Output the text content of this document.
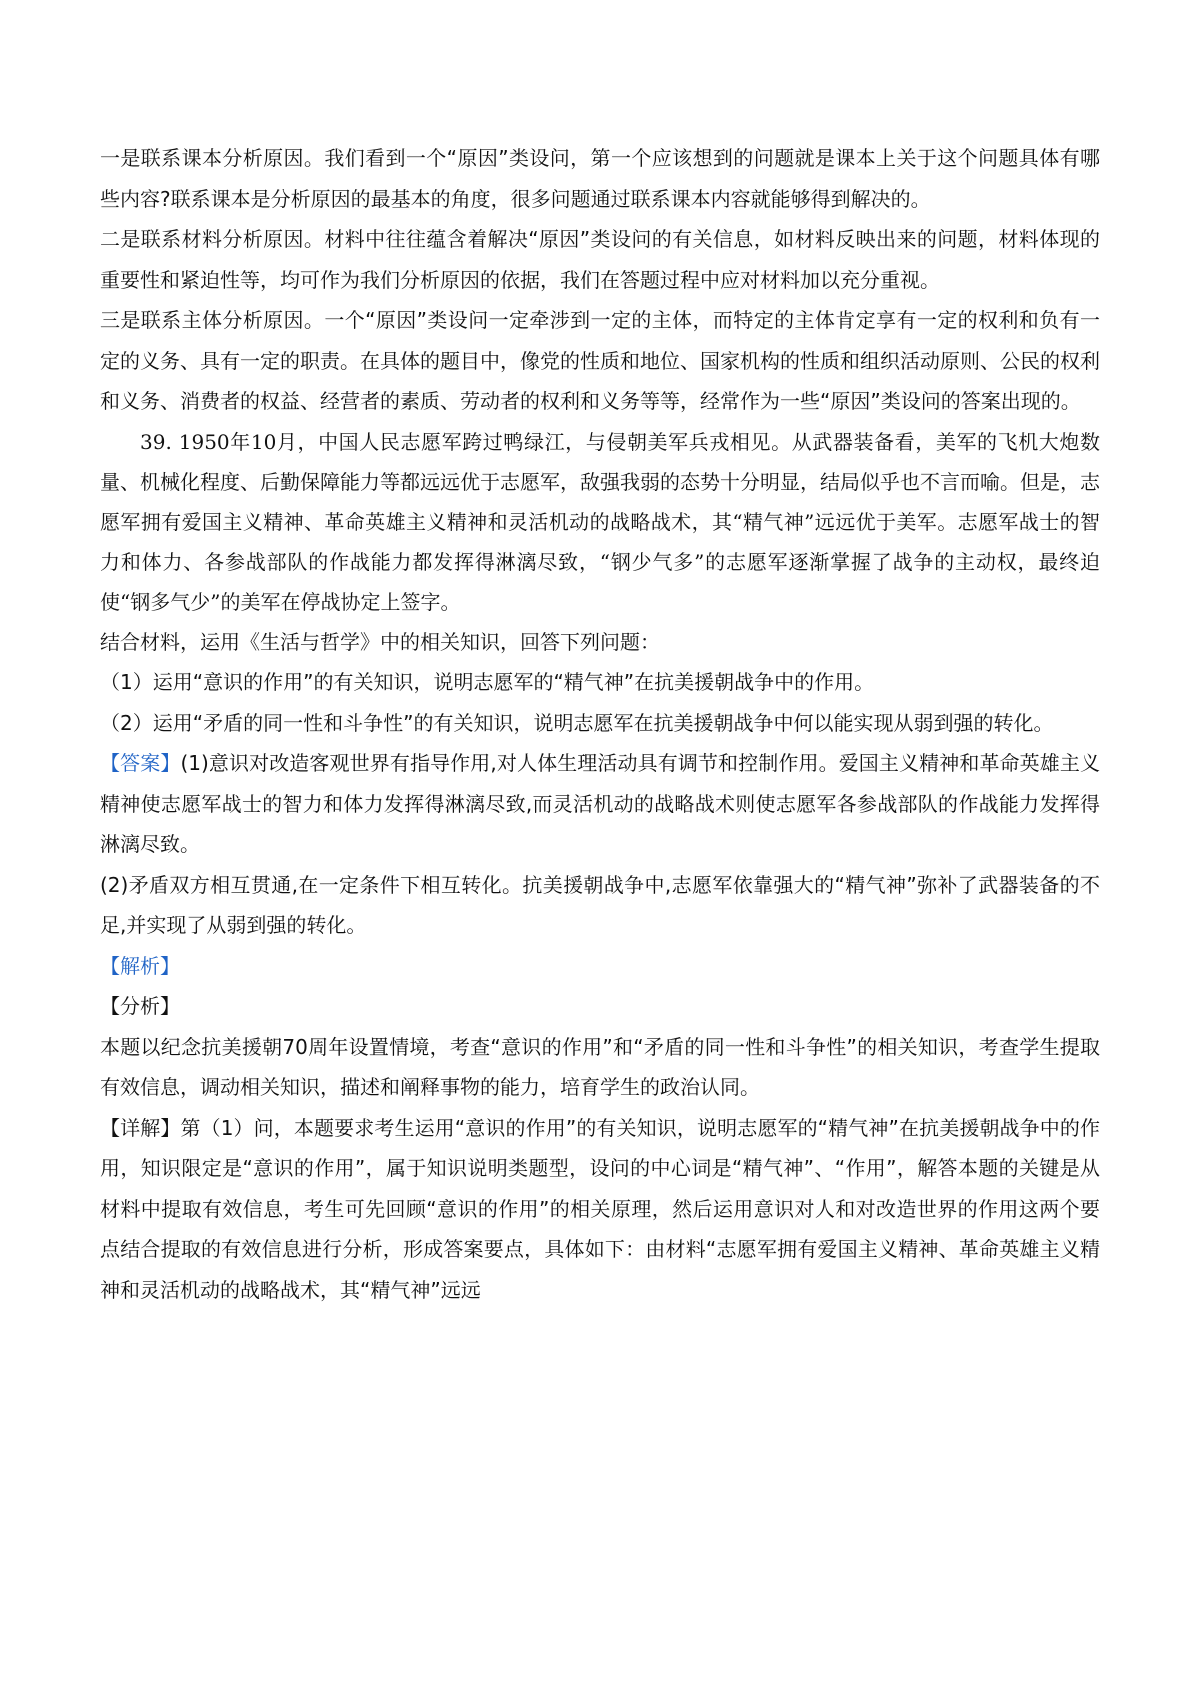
一是联系课本分析原因。我们看到一个“原因”类设问，第一个应该想到的问题就是课本上关于这个问题具体有哪些内容?联系课本是分析原因的最基本的角度，很多问题通过联系课本内容就能够得到解决的。

二是联系材料分析原因。材料中往往蕴含着解决“原因”类设问的有关信息，如材料反映出来的问题，材料体现的重要性和紧迫性等，均可作为我们分析原因的依据，我们在答题过程中应对材料加以充分重视。

三是联系主体分析原因。一个“原因”类设问一定牵涉到一定的主体，而特定的主体肯定享有一定的权利和负有一定的义务、具有一定的职责。在具体的题目中，像党的性质和地位、国家机构的性质和组织活动原则、公民的权利和义务、消费者的权益、经营者的素质、劳动者的权利和义务等等，经常作为一些“原因”类设问的答案出现的。

39. 1950年10月，中国人民志愿军跨过鸭绿江，与侵朝美军兵戎相见。从武器装备看，美军的飞机大炮数量、机械化程度、后勤保障能力等都远远优于志愿军，敌强我弱的态势十分明显，结局似乎也不言而喻。但是，志愿军拥有爱国主义精神、革命英雄主义精神和灵活机动的战略战术，其“精气神”远远优于美军。志愿军战士的智力和体力、各参战部队的作战能力都发挥得淋漓尽致，“钢少气多”的志愿军逐渐掌握了战争的主动权，最终迫使“钢多气少”的美军在停战协定上签字。

结合材料，运用《生活与哲学》中的相关知识，回答下列问题：

（1）运用“意识的作用”的有关知识，说明志愿军的“精气神”在抗美援朝战争中的作用。

（2）运用“矛盾的同一性和斗争性”的有关知识，说明志愿军在抗美援朝战争中何以能实现从弱到强的转化。

【答案】(1)意识对改造客观世界有指导作用,对人体生理活动具有调节和控制作用。爱国主义精神和革命英雄主义精神使志愿军战士的智力和体力发挥得淋漓尽致,而灵活机动的战略战术则使志愿军各参战部队的作战能力发挥得淋漓尽致。

(2)矛盾双方相互贯通,在一定条件下相互转化。抗美援朝战争中,志愿军依靠强大的“精气神”弥补了武器装备的不足,并实现了从弱到强的转化。

【解析】

【分析】

本题以纪念抗美援朝70周年设置情境，考查“意识的作用”和“矛盾的同一性和斗争性”的相关知识，考查学生提取有效信息，调动相关知识，描述和阐释事物的能力，培育学生的政治认同。

【详解】第（1）问，本题要求考生运用“意识的作用”的有关知识，说明志愿军的“精气神”在抗美援朝战争中的作用，知识限定是“意识的作用”，属于知识说明类题型，设问的中心词是“精气神”、“作用”，解答本题的关键是从材料中提取有效信息，考生可先回顾“意识的作用”的相关原理，然后运用意识对人和对改造世界的作用这两个要点结合提取的有效信息进行分析，形成答案要点，具体如下：由材料“志愿军拥有爱国主义精神、革命英雄主义精神和灵活机动的战略战术，其“精气神”远远
